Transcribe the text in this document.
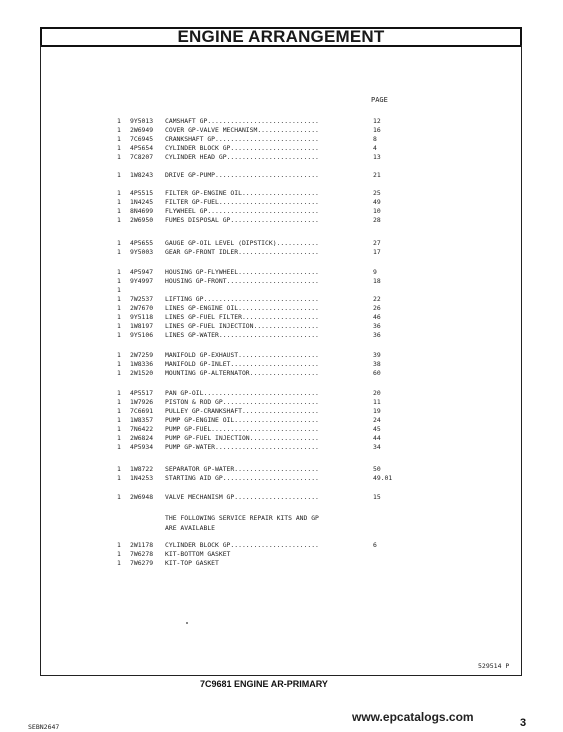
ENGINE ARRANGEMENT
PAGE
1 9Y5013	CAMSHAFT GP.............................	12
1 2W6949	COVER GP-VALVE MECHANISM................	16
1 7C6945	CRANKSHAFT GP...........................	8
1 4P5654	CYLINDER BLOCK GP.......................	4
1 7C8207	CYLINDER HEAD GP........................	13
1 1W8243	DRIVE GP-PUMP...........................	21
1 4P5515	FILTER GP-ENGINE OIL....................	25
1 1N4245	FILTER GP-FUEL..........................	49
1 8N4699	FLYWHEEL GP.............................	10
1 2W6950	FUMES DISPOSAL GP.......................	28
1 4P5655	GAUGE GP-OIL LEVEL (DIPSTICK)...........	27
1 9Y5003	GEAR GP-FRONT IDLER.....................	17
1 4P5947	HOUSING GP-FLYWHEEL.....................	9
1 9Y4997	HOUSING GP-FRONT........................	18
1
1 7W2537	LIFTING GP..............................	22
1 2W7670	LINES GP-ENGINE OIL.....................	26
1 9Y5118	LINES GP-FUEL FILTER....................	46
1 1W8197	LINES GP-FUEL INJECTION.................	36
1 9Y5106	LINES GP-WATER..........................	36
1 2W7259	MANIFOLD GP-EXHAUST.....................	39
1 1W8336	MANIFOLD GP-INLET.......................	38
1 2W1520	MOUNTING GP-ALTERNATOR..................	60
1 4P5517	PAN GP-OIL..............................	20
1 1W7926	PISTON & ROD GP.........................	11
1 7C6691	PULLEY GP-CRANKSHAFT....................	19
1 1W8357	PUMP GP-ENGINE OIL......................	24
1 7N6422	PUMP GP-FUEL............................	45
1 2W6824	PUMP GP-FUEL INJECTION..................	44
1 4P5934	PUMP GP-WATER...........................	34
1 1W8722	SEPARATOR GP-WATER......................	50
1 1N4253	STARTING AID GP.........................	49.01
1 2W6948	VALVE MECHANISM GP......................	15
1 2W1178	CYLINDER BLOCK GP.......................	6
1 7W6278	KIT-BOTTOM GASKET
1 7W6279	KIT-TOP GASKET
THE FOLLOWING SERVICE REPAIR KITS AND GP
ARE AVAILABLE
529514 P
7C9681 ENGINE AR-PRIMARY
SEBN2647
www.epcatalogs.com	3
